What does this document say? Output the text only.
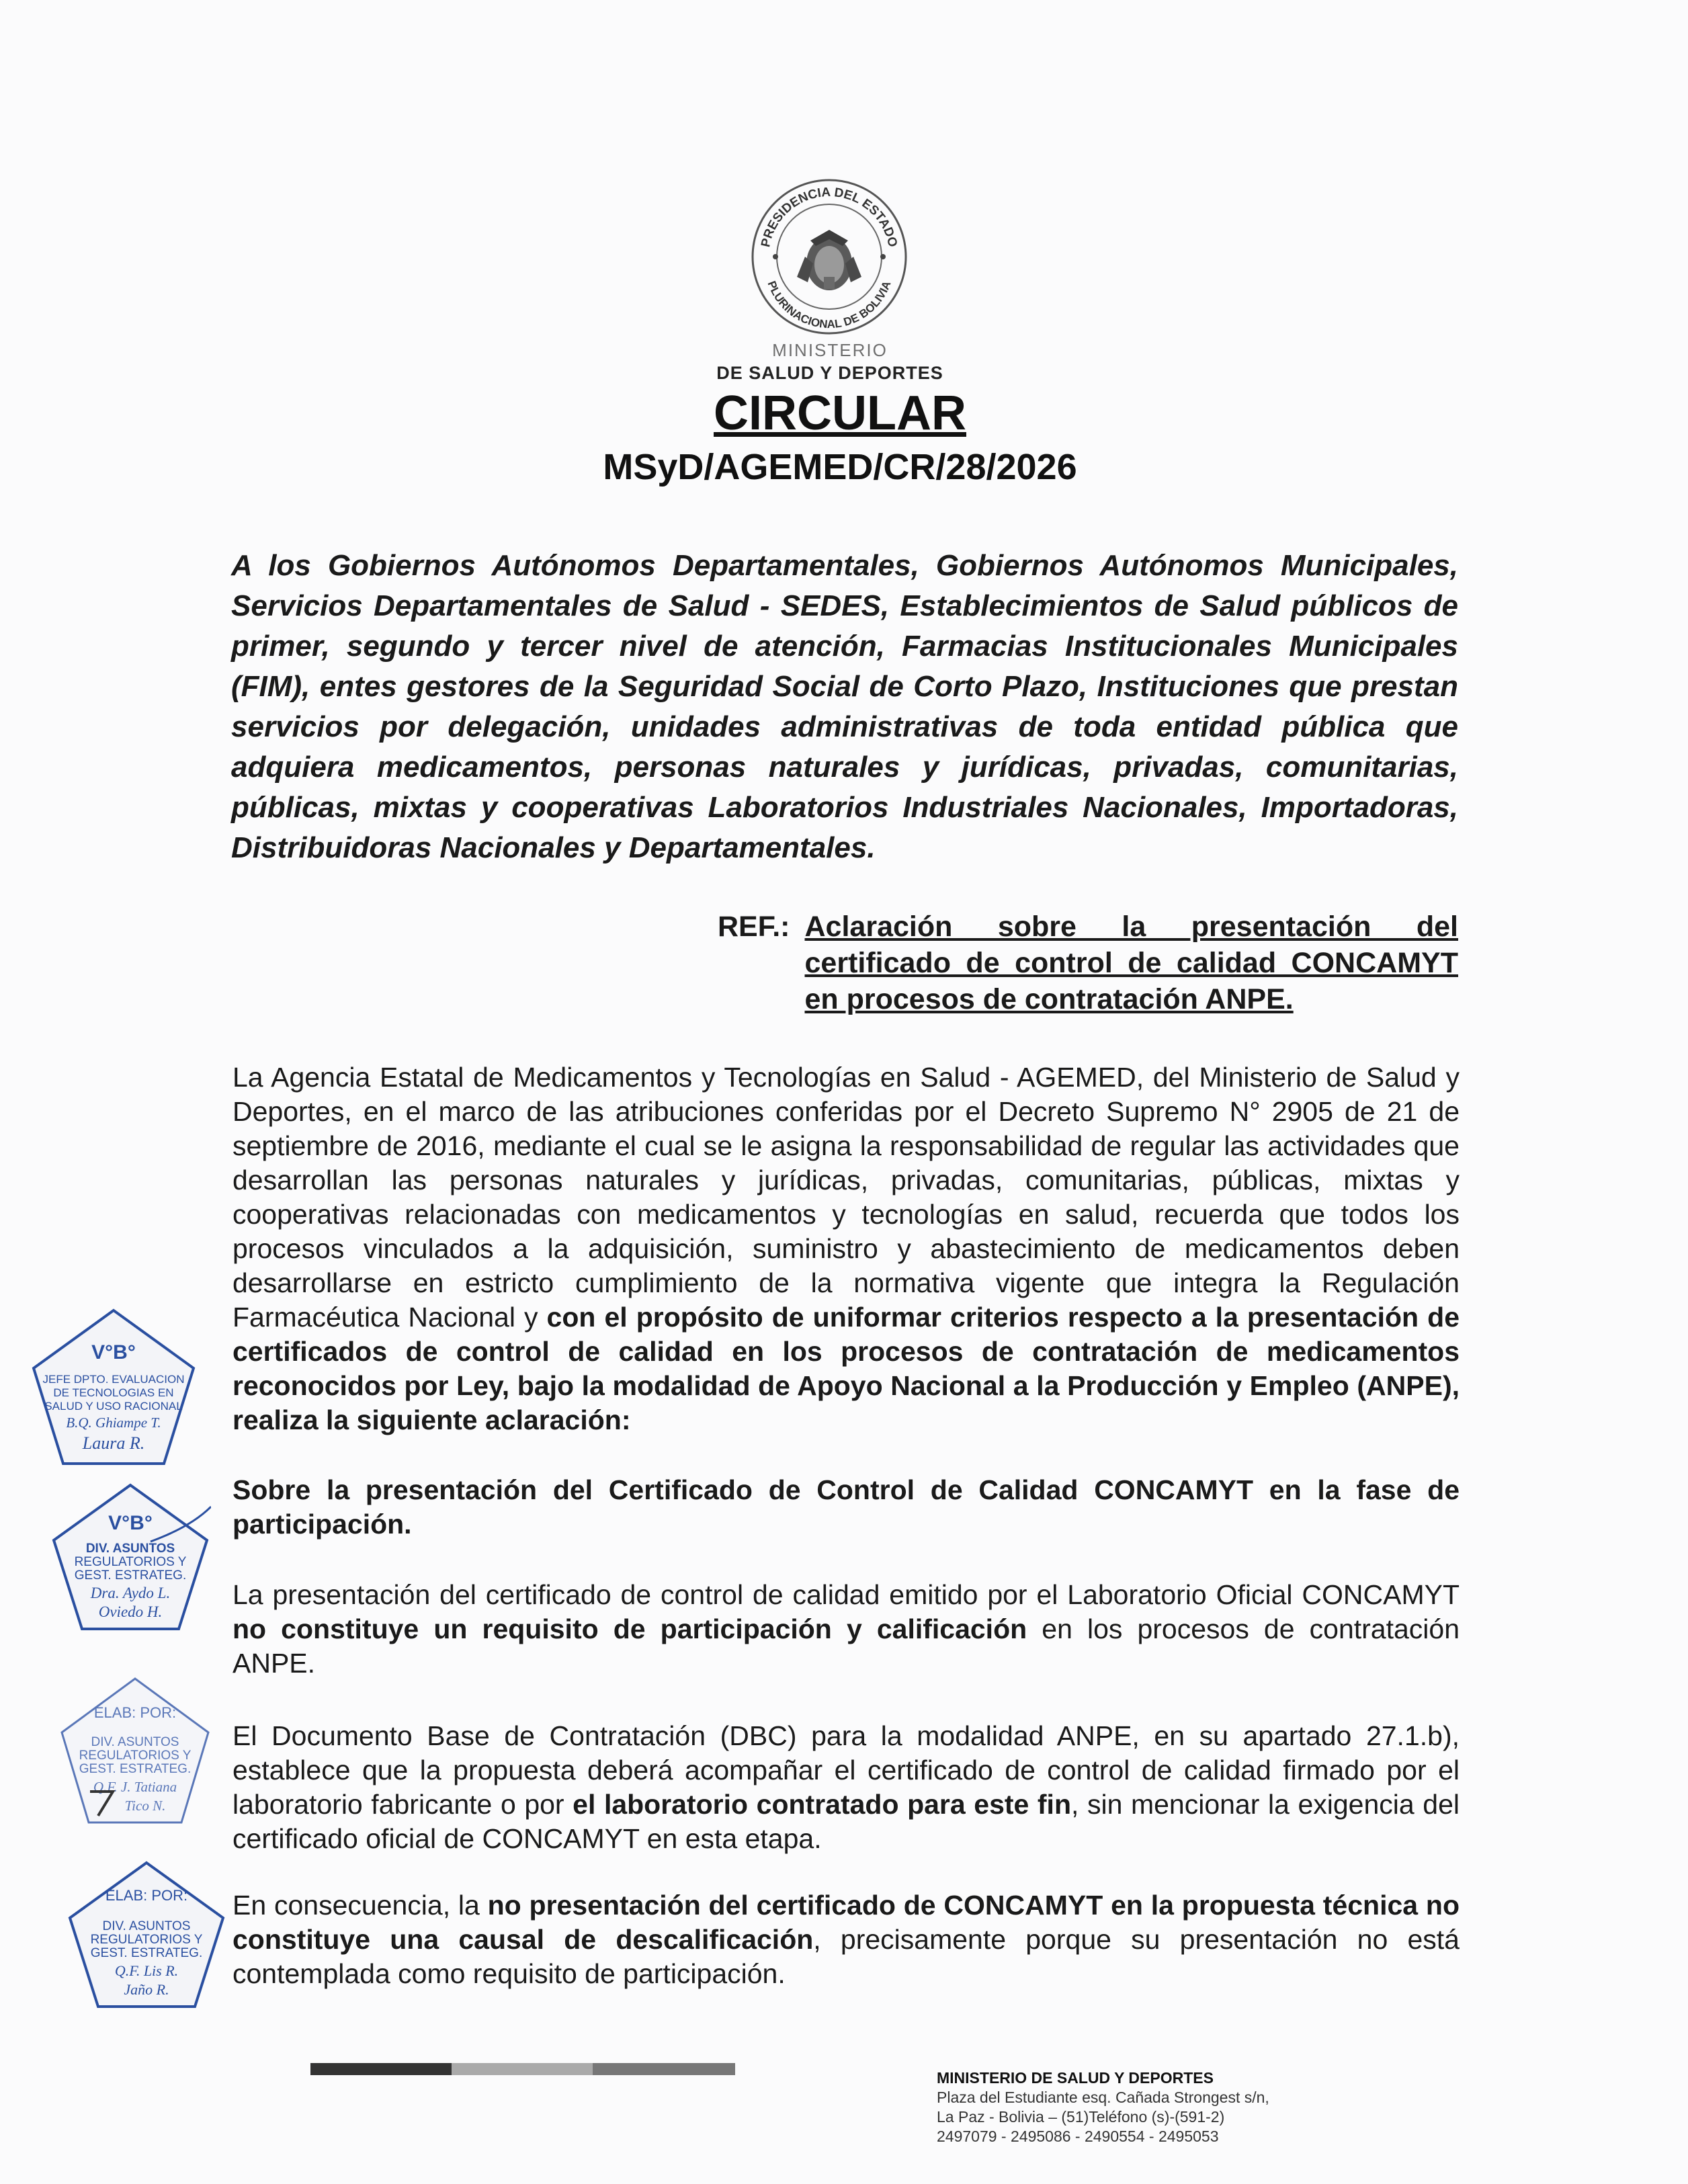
PRESIDENCIA DEL ESTADO
PLURINACIONAL DE BOLIVIA
MINISTERIO
DE SALUD Y DEPORTES
CIRCULAR
MSyD/AGEMED/CR/28/2026
A los Gobiernos Autónomos Departamentales, Gobiernos Autónomos Municipales, Servicios Departamentales de Salud - SEDES, Establecimientos de Salud públicos de primer, segundo y tercer nivel de atención, Farmacias Institucionales Municipales (FIM), entes gestores de la Seguridad Social de Corto Plazo, Instituciones que prestan servicios por delegación, unidades administrativas de toda entidad pública que adquiera medicamentos, personas naturales y jurídicas, privadas, comunitarias, públicas, mixtas y cooperativas Laboratorios Industriales Nacionales, Importadoras, Distribuidoras Nacionales y Departamentales.
REF.: Aclaración sobre la presentación del certificado de control de calidad CONCAMYT en procesos de contratación ANPE.
La Agencia Estatal de Medicamentos y Tecnologías en Salud - AGEMED, del Ministerio de Salud y Deportes, en el marco de las atribuciones conferidas por el Decreto Supremo N° 2905 de 21 de septiembre de 2016, mediante el cual se le asigna la responsabilidad de regular las actividades que desarrollan las personas naturales y jurídicas, privadas, comunitarias, públicas, mixtas y cooperativas relacionadas con medicamentos y tecnologías en salud, recuerda que todos los procesos vinculados a la adquisición, suministro y abastecimiento de medicamentos deben desarrollarse en estricto cumplimiento de la normativa vigente que integra la Regulación Farmacéutica Nacional y con el propósito de uniformar criterios respecto a la presentación de certificados de control de calidad en los procesos de contratación de medicamentos reconocidos por Ley, bajo la modalidad de Apoyo Nacional a la Producción y Empleo (ANPE), realiza la siguiente aclaración:
Sobre la presentación del Certificado de Control de Calidad CONCAMYT en la fase de participación.
La presentación del certificado de control de calidad emitido por el Laboratorio Oficial CONCAMYT no constituye un requisito de participación y calificación en los procesos de contratación ANPE.
El Documento Base de Contratación (DBC) para la modalidad ANPE, en su apartado 27.1.b), establece que la propuesta deberá acompañar el certificado de control de calidad firmado por el laboratorio fabricante o por el laboratorio contratado para este fin, sin mencionar la exigencia del certificado oficial de CONCAMYT en esta etapa.
En consecuencia, la no presentación del certificado de CONCAMYT en la propuesta técnica no constituye una causal de descalificación, precisamente porque su presentación no está contemplada como requisito de participación.
V°B°
JEFE DPTO. EVALUACION
DE TECNOLOGIAS EN
SALUD Y USO RACIONAL
B.Q. Ghiampe T.
Laura R.
V°B°
DIV. ASUNTOS
REGULATORIOS Y
GEST. ESTRATEG.
Dra. Aydo L.
Oviedo H.
ELAB: POR:
DIV. ASUNTOS
REGULATORIOS Y
GEST. ESTRATEG.
Q.F. J. Tatiana
Tico N.
ELAB: POR:
DIV. ASUNTOS
REGULATORIOS Y
GEST. ESTRATEG.
Q.F. Lis R.
Jaño R.
MINISTERIO DE SALUD Y DEPORTES
Plaza del Estudiante esq. Cañada Strongest s/n,
La Paz - Bolivia – (51)Teléfono (s)-(591-2)
2497079 - 2495086 - 2490554 - 2495053
